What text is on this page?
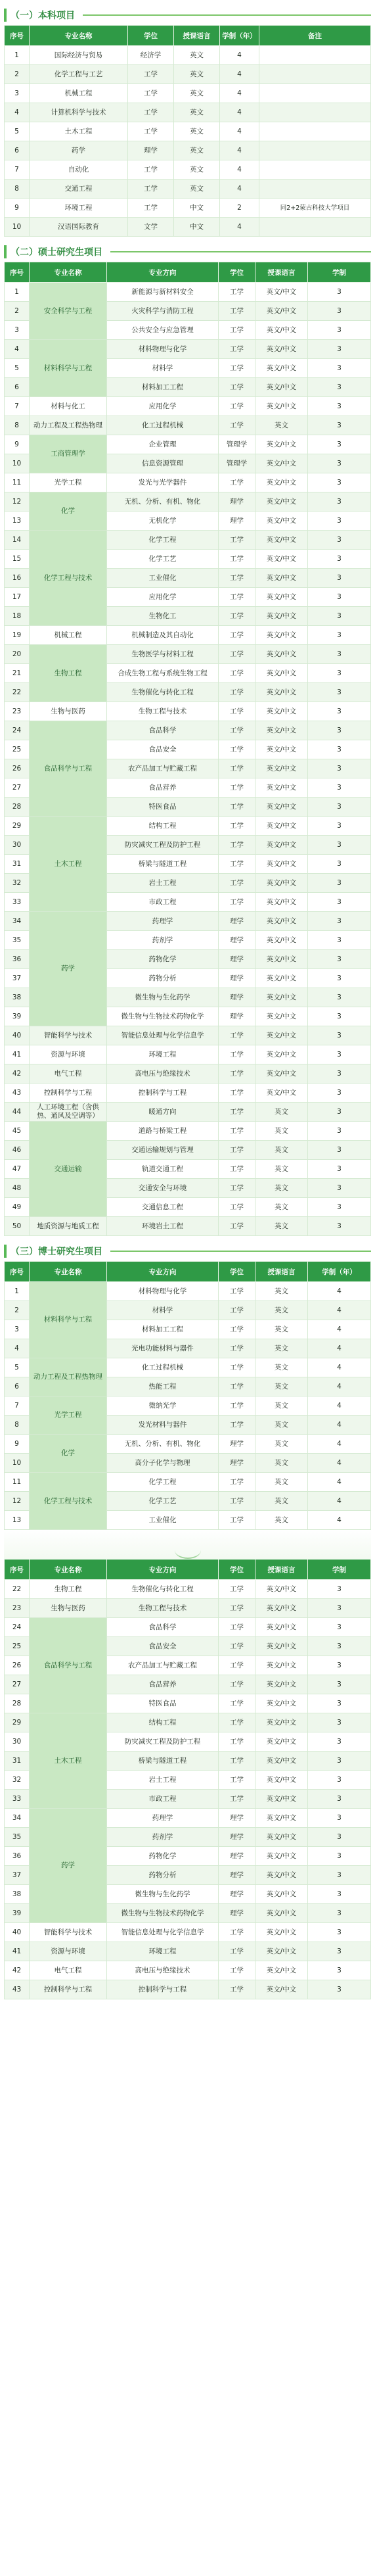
（一）本科项目
序号	专业名称	学位	授课语言	学制（年）	备注
1	国际经济与贸易	经济学	英文	4	
2	化学工程与工艺	工学	英文	4	
3	机械工程	工学	英文	4	
4	计算机科学与技术	工学	英文	4	
5	土木工程	工学	英文	4	
6	药学	理学	英文	4	
7	自动化	工学	英文	4	
8	交通工程	工学	英文	4	
9	环境工程	工学	中文	2	同2+2蒙古科技大学项目
10	汉语国际教育	文学	中文	4	
（二）硕士研究生项目
序号	专业名称	专业方向	学位	授课语言	学制
1	安全科学与工程	新能源与新材料安全	工学	英文/中文	3
2		火灾科学与消防工程	工学	英文/中文	3
3		公共安全与应急管理	工学	英文/中文	3
4	材料科学与工程	材料物理与化学	工学	英文/中文	3
5		材料学	工学	英文/中文	3
6		材料加工工程	工学	英文/中文	3
7	材料与化工	应用化学	工学	英文/中文	3
8	动力工程及工程热物理	化工过程机械	工学	英文	3
9	工商管理学	企业管理	管理学	英文/中文	3
10		信息资源管理	管理学	英文/中文	3
11	光学工程	发光与光学器件	工学	英文/中文	3
12	化学	无机、分析、有机、物化	理学	英文/中文	3
13		无机化学	理学	英文/中文	3
14	化学工程与技术	化学工程	工学	英文/中文	3
15		化学工艺	工学	英文/中文	3
16		工业催化	工学	英文/中文	3
17		应用化学	工学	英文/中文	3
18		生物化工	工学	英文/中文	3
19	机械工程	机械制造及其自动化	工学	英文/中文	3
20	生物工程	生物医学与材料工程	工学	英文/中文	3
21		合成生物工程与系统生物工程	工学	英文/中文	3
22		生物催化与转化工程	工学	英文/中文	3
23	生物与医药	生物工程与技术	工学	英文/中文	3
24	食品科学与工程	食品科学	工学	英文/中文	3
25		食品安全	工学	英文/中文	3
26		农产品加工与贮藏工程	工学	英文/中文	3
27		食品营养	工学	英文/中文	3
28		特医食品	工学	英文/中文	3
29	土木工程	结构工程	工学	英文/中文	3
30		防灾减灾工程及防护工程	工学	英文/中文	3
31		桥梁与隧道工程	工学	英文/中文	3
32		岩土工程	工学	英文/中文	3
33		市政工程	工学	英文/中文	3
34	药学	药理学	理学	英文/中文	3
35		药剂学	理学	英文/中文	3
36		药物化学	理学	英文/中文	3
37		药物分析	理学	英文/中文	3
38		微生物与生化药学	理学	英文/中文	3
39		微生物与生物技术药物化学	理学	英文/中文	3
40	智能科学与技术	智能信息处理与化学信息学	工学	英文/中文	3
41	资源与环境	环境工程	工学	英文/中文	3
42	电气工程	高电压与绝缘技术	工学	英文/中文	3
43	控制科学与工程	控制科学与工程	工学	英文/中文	3
44	人工环境工程（含供热、通风及空调等）	暖通方向	工学	英文	3
45	交通运输	道路与桥梁工程	工学	英文	3
46		交通运输规划与管理	工学	英文	3
47		轨道交通工程	工学	英文	3
48		交通安全与环境	工学	英文	3
49		交通信息工程	工学	英文	3
50	地质资源与地质工程	环境岩土工程	工学	英文	3
（三）博士研究生项目
序号	专业名称	专业方向	学位	授课语言	学制（年）
1	材料科学与工程	材料物理与化学	工学	英文	4
2		材料学	工学	英文	4
3		材料加工工程	工学	英文	4
4		光电功能材料与器件	工学	英文	4
5	动力工程及工程热物理	化工过程机械	工学	英文	4
6		热能工程	工学	英文	4
7	光学工程	微纳光学	工学	英文	4
8		发光材料与器件	工学	英文	4
9	化学	无机、分析、有机、物化	理学	英文	4
10		高分子化学与物理	理学	英文	4
11	化学工程与技术	化学工程	工学	英文	4
12		化学工艺	工学	英文	4
13		工业催化	工学	英文	4
序号	专业名称	专业方向	学位	授课语言	学制
22	生物工程	生物催化与转化工程	工学	英文/中文	3
23	生物与医药	生物工程与技术	工学	英文/中文	3
24	食品科学与工程	食品科学	工学	英文/中文	3
25		食品安全	工学	英文/中文	3
26		农产品加工与贮藏工程	工学	英文/中文	3
27		食品营养	工学	英文/中文	3
28		特医食品	工学	英文/中文	3
29	土木工程	结构工程	工学	英文/中文	3
30		防灾减灾工程及防护工程	工学	英文/中文	3
31		桥梁与隧道工程	工学	英文/中文	3
32		岩土工程	工学	英文/中文	3
33		市政工程	工学	英文/中文	3
34	药学	药理学	理学	英文/中文	3
35		药剂学	理学	英文/中文	3
36		药物化学	理学	英文/中文	3
37		药物分析	理学	英文/中文	3
38		微生物与生化药学	理学	英文/中文	3
39		微生物与生物技术药物化学	理学	英文/中文	3
40	智能科学与技术	智能信息处理与化学信息学	工学	英文/中文	3
41	资源与环境	环境工程	工学	英文/中文	3
42	电气工程	高电压与绝缘技术	工学	英文/中文	3
43	控制科学与工程	控制科学与工程	工学	英文/中文	3
